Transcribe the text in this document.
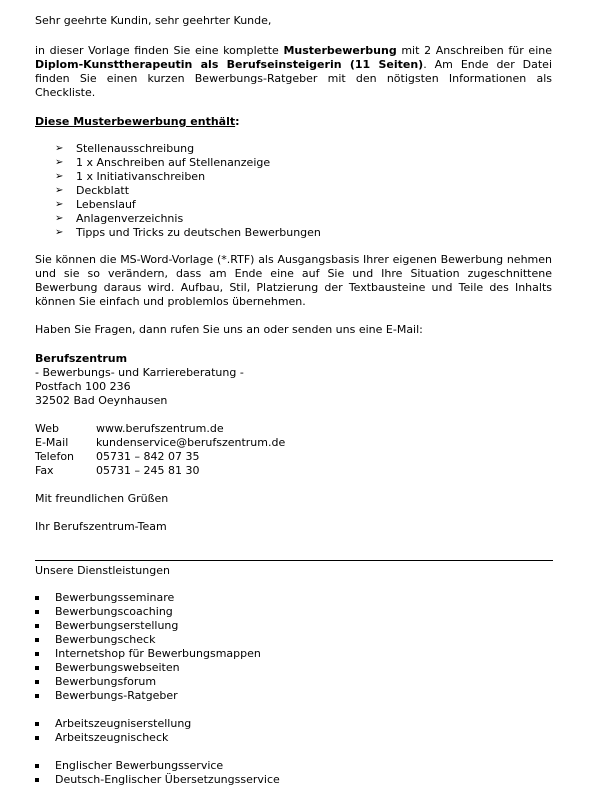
Sehr geehrte Kundin, sehr geehrter Kunde,
in dieser Vorlage finden Sie eine komplette Musterbewerbung mit 2 Anschreiben für eine Diplom-Kunsttherapeutin als Berufseinsteigerin (11 Seiten). Am Ende der Datei finden Sie einen kurzen Bewerbungs-Ratgeber mit den nötigsten Informationen als Checkliste.
Diese Musterbewerbung enthält:
➢ Stellenausschreibung
➢ 1 x Anschreiben auf Stellenanzeige
➢ 1 x Initiativanschreiben
➢ Deckblatt
➢ Lebenslauf
➢ Anlagenverzeichnis
➢ Tipps und Tricks zu deutschen Bewerbungen
Sie können die MS-Word-Vorlage (*.RTF) als Ausgangsbasis Ihrer eigenen Bewerbung nehmen und sie so verändern, dass am Ende eine auf Sie und Ihre Situation zugeschnittene Bewerbung daraus wird. Aufbau, Stil, Platzierung der Textbausteine und Teile des Inhalts können Sie einfach und problemlos übernehmen.
Haben Sie Fragen, dann rufen Sie uns an oder senden uns eine E-Mail:
Berufszentrum
- Bewerbungs- und Karriereberatung -
Postfach 100 236
32502 Bad Oeynhausen
Web	www.berufszentrum.de
E-Mail	kundenservice@berufszentrum.de
Telefon 05731 – 842 07 35
Fax	05731 – 245 81 30
Mit freundlichen Grüßen
Ihr Berufszentrum-Team
Unsere Dienstleistungen
Bewerbungsseminare
Bewerbungscoaching
Bewerbungserstellung
Bewerbungscheck
Internetshop für Bewerbungsmappen
Bewerbungswebseiten
Bewerbungsforum
Bewerbungs-Ratgeber
Arbeitszeugniserstellung
Arbeitszeugnischeck
Englischer Bewerbungsservice
Deutsch-Englischer Übersetzungsservice
